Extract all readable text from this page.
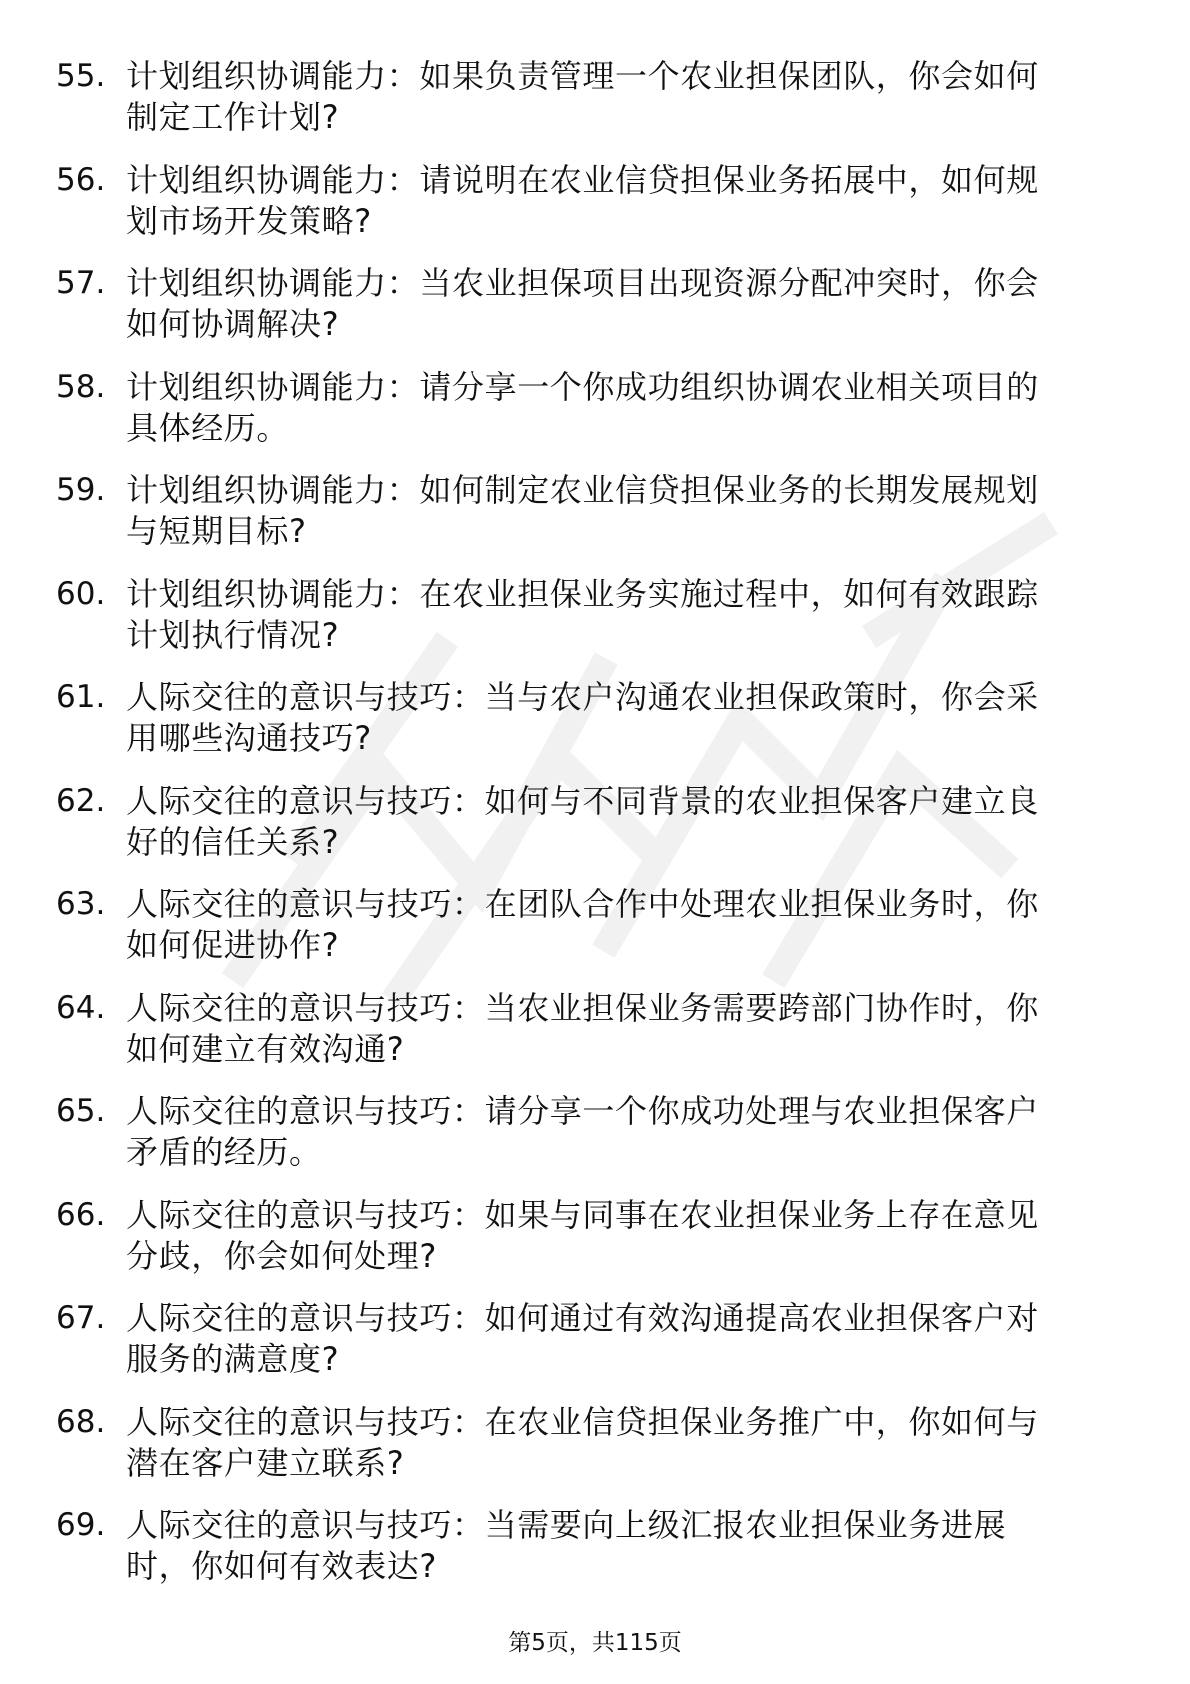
55. 计划组织协调能力：如果负责管理一个农业担保团队，你会如何
制定工作计划?
56. 计划组织协调能力：请说明在农业信贷担保业务拓展中，如何规
划市场开发策略?
57. 计划组织协调能力：当农业担保项目出现资源分配冲突时，你会
如何协调解决?
58. 计划组织协调能力：请分享一个你成功组织协调农业相关项目的
具体经历。
59. 计划组织协调能力：如何制定农业信贷担保业务的长期发展规划
与短期目标?
60. 计划组织协调能力：在农业担保业务实施过程中，如何有效跟踪
计划执行情况?
61. 人际交往的意识与技巧：当与农户沟通农业担保政策时，你会采
用哪些沟通技巧?
62. 人际交往的意识与技巧：如何与不同背景的农业担保客户建立良
好的信任关系?
63. 人际交往的意识与技巧：在团队合作中处理农业担保业务时，你
如何促进协作?
64. 人际交往的意识与技巧：当农业担保业务需要跨部门协作时，你
如何建立有效沟通?
65. 人际交往的意识与技巧：请分享一个你成功处理与农业担保客户
矛盾的经历。
66. 人际交往的意识与技巧：如果与同事在农业担保业务上存在意见
分歧，你会如何处理?
67. 人际交往的意识与技巧：如何通过有效沟通提高农业担保客户对
服务的满意度?
68. 人际交往的意识与技巧：在农业信贷担保业务推广中，你如何与
潜在客户建立联系?
69. 人际交往的意识与技巧：当需要向上级汇报农业担保业务进展
时，你如何有效表达?
第5页，共115页
